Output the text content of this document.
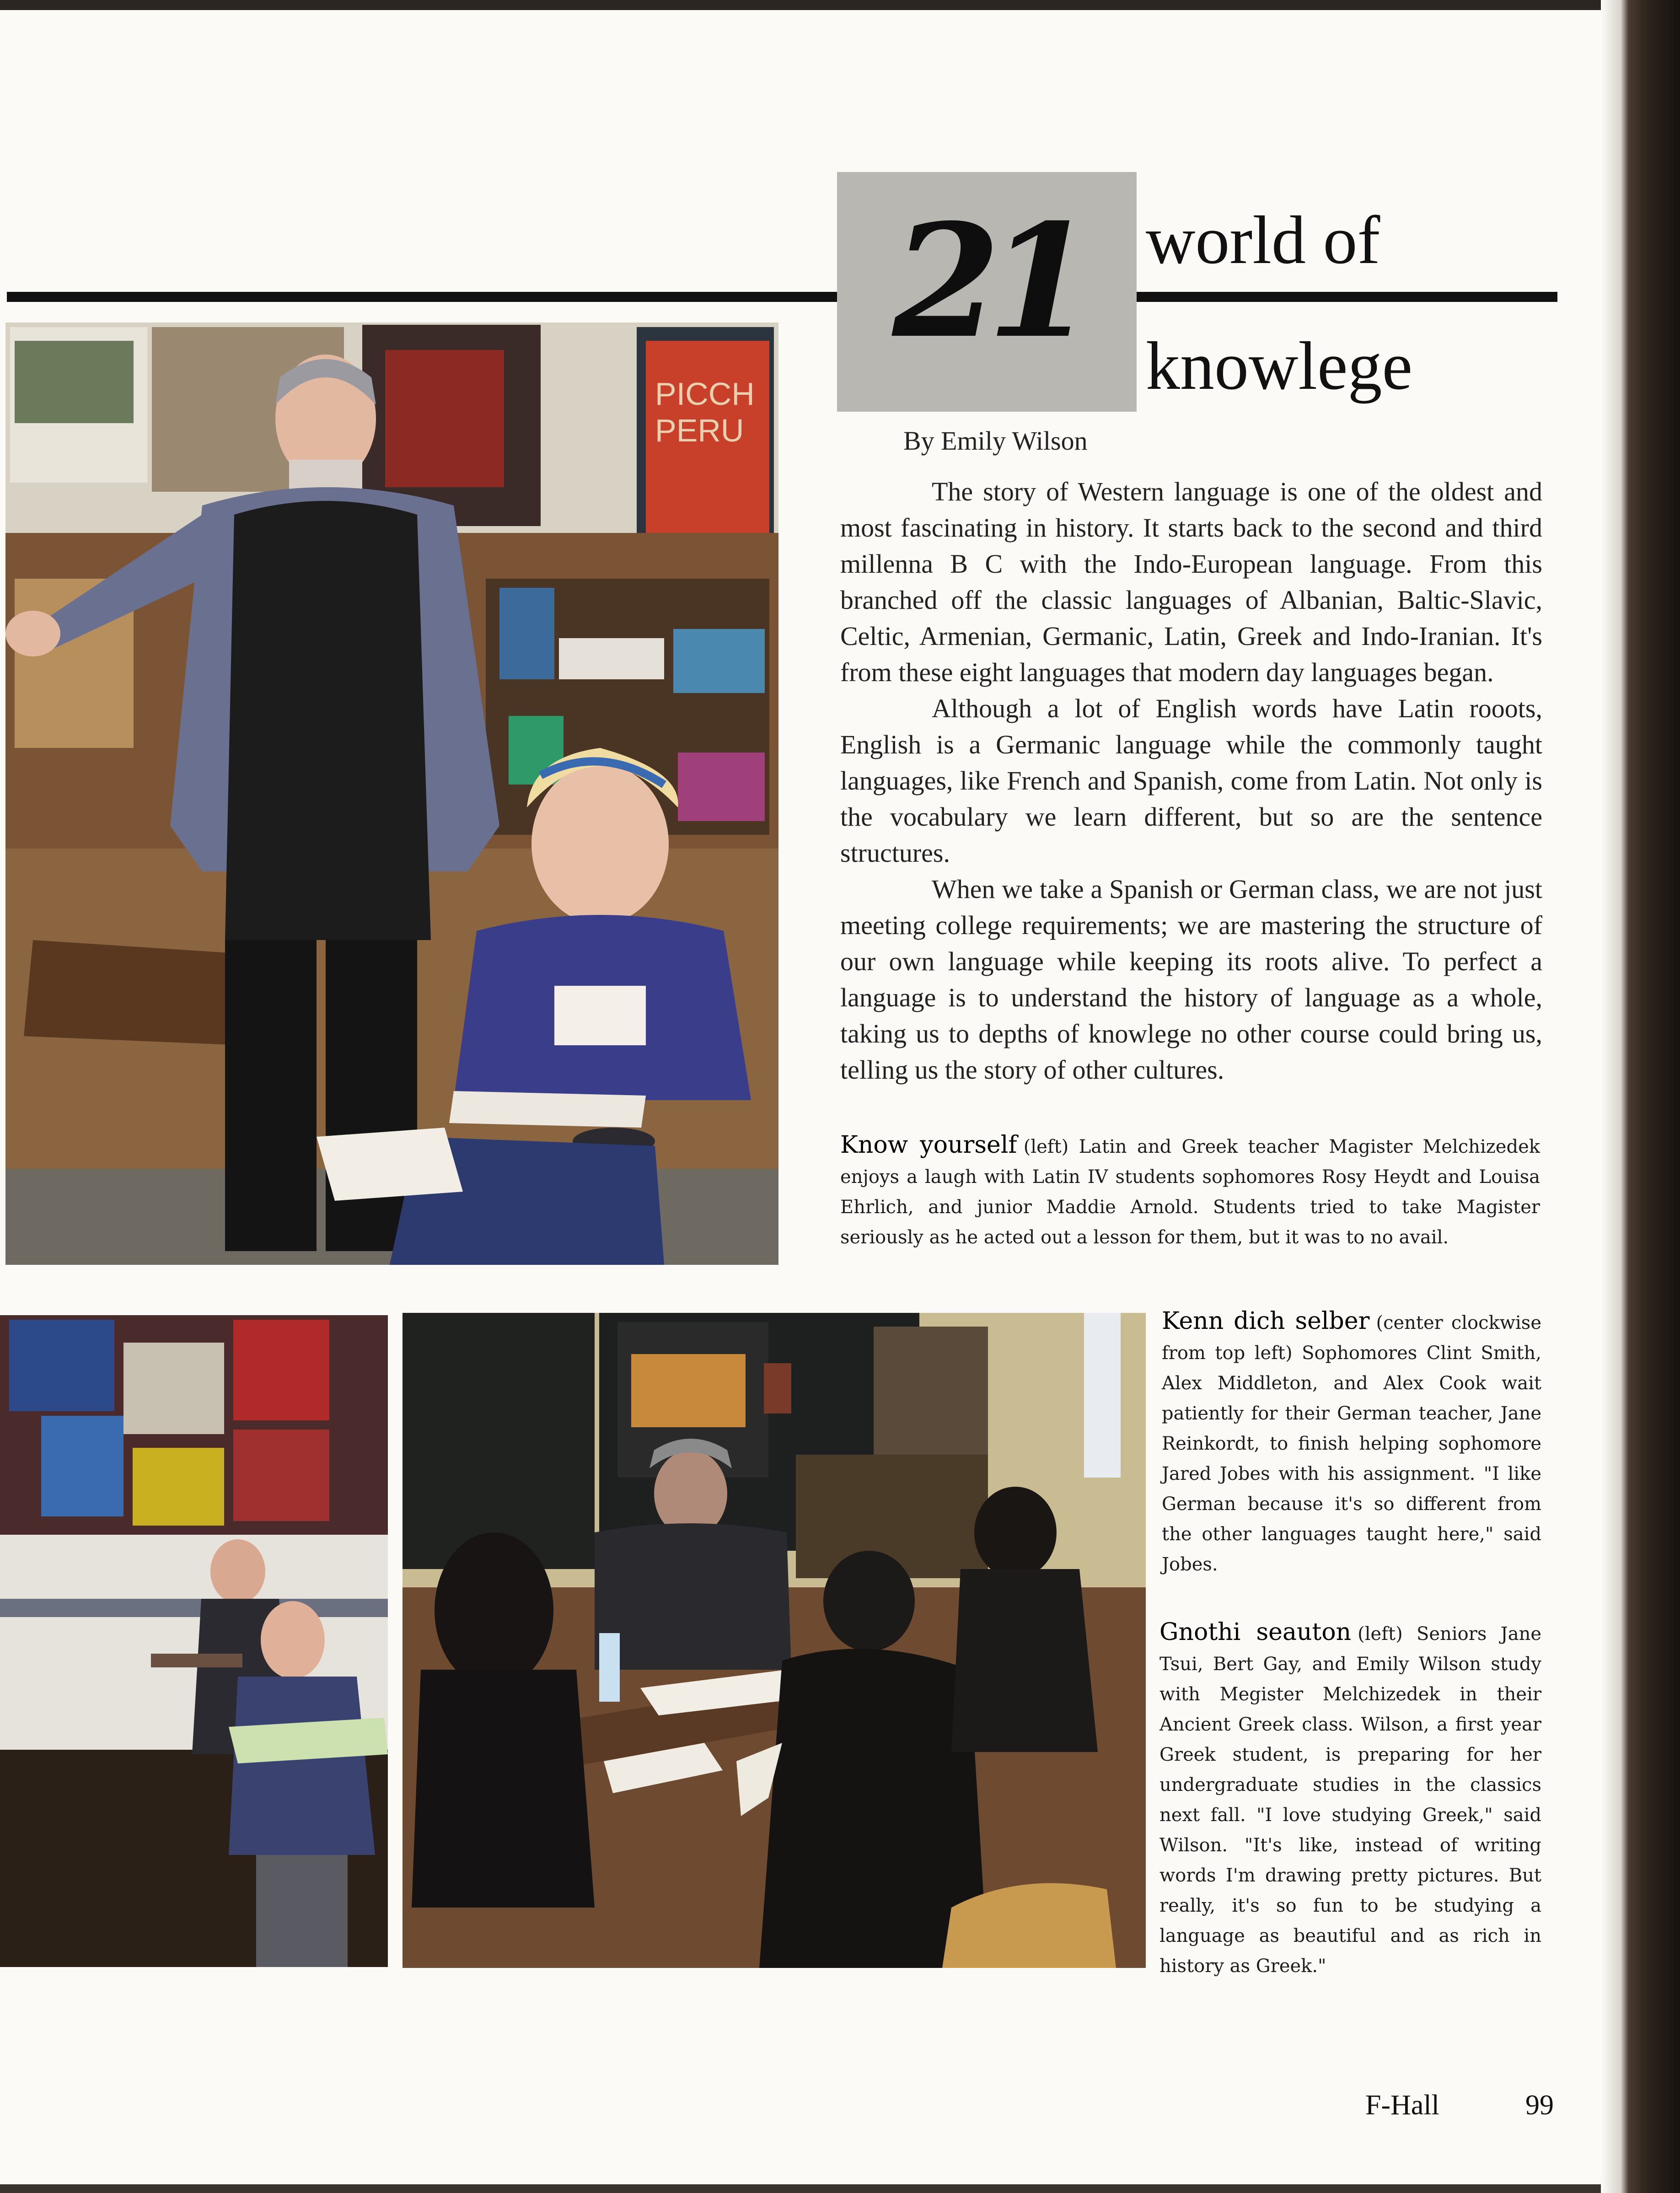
21 world of
knowlege
By Emily Wilson

The story of Western language is one of the oldest and most fascinating in history. It starts back to the second and third millenna B C with the Indo-European language. From this branched off the classic languages of Albanian, Baltic-Slavic, Celtic, Armenian, Germanic, Latin, Greek and Indo-Iranian. It's from these eight languages that modern day languages began.

Although a lot of English words have Latin rooots, English is a Germanic language while the commonly taught languages, like French and Spanish, come from Latin. Not only is the vocabulary we learn different, but so are the sentence structures.

When we take a Spanish or German class, we are not just meeting college requirements; we are mastering the structure of our own language while keeping its roots alive. To perfect a language is to understand the history of language as a whole, taking us to depths of knowlege no other course could bring us, telling us the story of other cultures.

PICCH
PERU
Know yourself (left) Latin and Greek teacher Magister Melchizedek enjoys a laugh with Latin IV students sophomores Rosy Heydt and Louisa Ehrlich, and junior Maddie Arnold. Students tried to take Magister seriously as he acted out a lesson for them, but it was to no avail.
Kenn dich selber (center clockwise from top left) Sophomores Clint Smith, Alex Middleton, and Alex Cook wait patiently for their German teacher, Jane Reinkordt, to finish helping sophomore Jared Jobes with his assignment. "I like German because it's so different from the other languages taught here," said Jobes.
Gnothi seauton (left) Seniors Jane Tsui, Bert Gay, and Emily Wilson study with Megister Melchizedek in their Ancient Greek class. Wilson, a first year Greek student, is preparing for her undergraduate studies in the classics next fall. "I love studying Greek," said Wilson. "It's like, instead of writing words I'm drawing pretty pictures. But really, it's so fun to be studying a language as beautiful and as rich in history as Greek."
F-Hall	99
